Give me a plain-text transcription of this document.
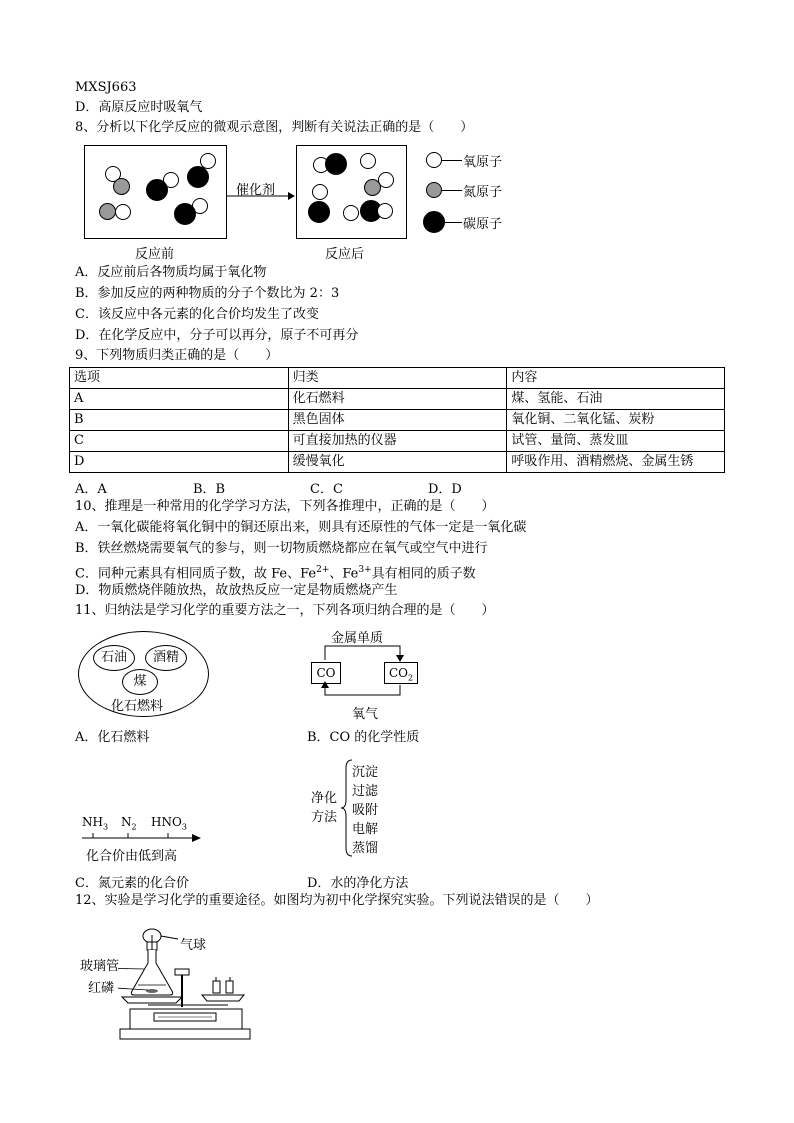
MXSJ663
D．高原反应时吸氧气
8、分析以下化学反应的微观示意图，判断有关说法正确的是（　　）
催化剂
反应前	反应后
氧原子
氮原子
碳原子
A．反应前后各物质均属于氧化物
B．参加反应的两种物质的分子个数比为 2：3
C．该反应中各元素的化合价均发生了改变
D．在化学反应中，分子可以再分，原子不可再分
9、下列物质归类正确的是（　　）
选项	归类	内容
A	化石燃料	煤、氢能、石油
B	黑色固体	氧化铜、二氧化锰、炭粉
C	可直接加热的仪器	试管、量筒、蒸发皿
D	缓慢氧化	呼吸作用、酒精燃烧、金属生锈
A．A	B．B	C．C	D．D
10、推理是一种常用的化学学习方法，下列各推理中，正确的是（　　）
A．一氧化碳能将氧化铜中的铜还原出来，则具有还原性的气体一定是一氧化碳
B．铁丝燃烧需要氧气的参与，则一切物质燃烧都应在氧气或空气中进行
C．同种元素具有相同质子数，故 Fe、$Fe^{2+}$、$Fe^{3+}$具有相同的质子数
D．物质燃烧伴随放热，故放热反应一定是物质燃烧产生
11、归纳法是学习化学的重要方法之一，下列各项归纳合理的是（　　）
石油	酒精
煤
化石燃料
A．化石燃料
金属单质
CO	$CO_2$
氧气
B．CO 的化学性质
$NH_3$ $N_2$ $HNO_3$
化合价由低到高
C．氮元素的化合价
净化
方法
沉淀
过滤
吸附
电解
蒸馏
D．水的净化方法
12、实验是学习化学的重要途径。如图均为初中化学探究实验。下列说法错误的是（　　）
气球
玻璃管
红磷
